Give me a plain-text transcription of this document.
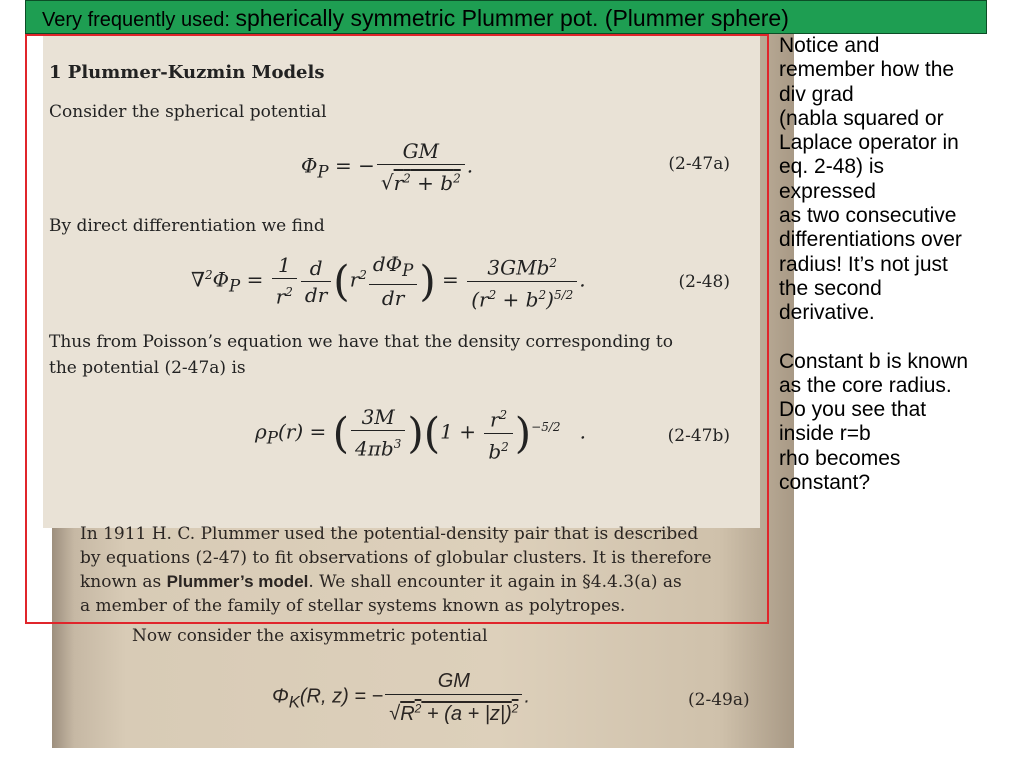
1 Plummer-Kuzmin Models
Consider the spherical potential
$\Phi_P$ = − $\frac{GM}{√r^2 + b^2}$ .	(2-47a)
By direct differentiation we find
$\nabla^2\Phi_P = \frac{1}{r^2} \frac{d}{dr} (r^2 \frac{d\Phi_P}{dr}$ ) = $\frac{3GMb^2}{(r^2 + b^2)^{5/2}}$ .	(2-48)
Thus from Poisson’s equation we have that the density corresponding to
the potential (2-47a) is
$\rho_P(r)$ = ( $\frac{3M}{4\pi b^3} )(1 + \frac{r^2}{b^2} )^{-5/2}$   .	(2-47b)
In 1911 H. C. Plummer used the potential-density pair that is described
by equations (2-47) to fit observations of globular clusters. It is therefore
known as Plummer’s model. We shall encounter it again in §4.4.3(a) as
a member of the family of stellar systems known as polytropes.
Now consider the axisymmetric potential
$\Phi_K(R$, z) = − $\frac{GM}{√R^2 + (a + |z|)^2}$ .	(2-49a)
Very frequently used: spherically symmetric Plummer pot. (Plummer sphere)

Notice and

remember how the

div grad

(nabla squared or

Laplace operator in

eq. 2-48) is

expressed

as two consecutive

differentiations over

radius! It’s not just

the second

derivative.

Constant b is known

as the core radius.

Do you see that

inside r=b

rho becomes

constant?
